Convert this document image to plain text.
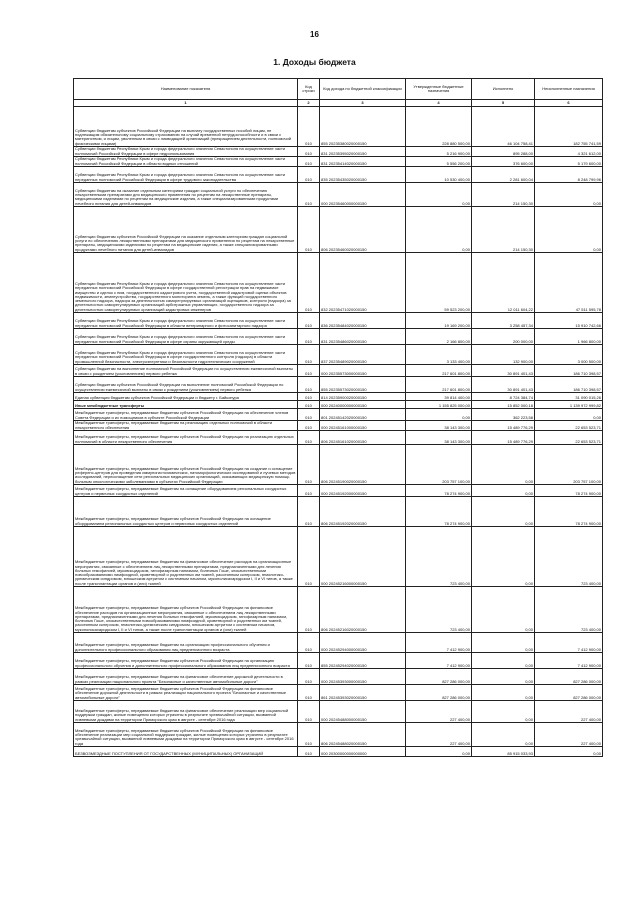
16
1. Доходы бюджета
Наименование показателя	Код строки	Код дохода по бюджетной классификации	Утвержденные бюджетные назначения	Исполнено	Неисполненные назначения
1	2	3	4	5	6
Субвенции бюджетам субъектов Российской Федерации на выплату государственных пособий лицам, не подлежащим обязательному социальному страхованию на случай временной нетрудоспособности и в связи с материнством, и лицам, уволенным в связи с ликвидацией организаций (прекращением деятельности, полномочий физическими лицами)	010	855 20235380020000150	228 880 500,00	46 104 758,41	182 755 741,59
Субвенции бюджетам Республики Крым и города федерального значения Севастополя на осуществление части полномочий Российской Федерации в сфере недропользования	010	831 20235395020000150	5 216 900,00	895 288,00	4 321 612,00
Субвенции бюджетам Республики Крым и города федерального значения Севастополя на осуществление части полномочий Российской Федерации в области водных отношений	010	831 20235414020000150	5 556 200,00	376 600,00	5 179 600,00
Субвенции бюджетам Республики Крым и города федерального значения Севастополя на осуществление части переданных полномочий Российской Федерации в сфере трудового законодательства	010	835 20235435020000150	10 530 400,00	2 281 600,04	8 248 799,96
Субвенции бюджетам на оказание отдельным категориям граждан социальной услуги по обеспечению лекарственными препаратами для медицинского применения по рецептам на лекарственные препараты, медицинскими изделиями по рецептам на медицинские изделия, а также специализированными продуктами лечебного питания для детей-инвалидов	010	000 20235460000000150	0,00	214 150,30	0,00
Субвенции бюджетам субъектов Российской Федерации на оказание отдельным категориям граждан социальной услуги по обеспечению лекарственными препаратами для медицинского применения по рецептам на лекарственные препараты, медицинскими изделиями по рецептам на медицинские изделия, а также специализированными продуктами лечебного питания для детей-инвалидов	010	806 20235460020000150	0,00	214 150,30	0,00
Субвенции бюджетам Республики Крым и города федерального значения Севастополя на осуществление части переданных полномочий Российской Федерации в сфере государственной регистрации прав на недвижимое имущество и сделок с ним, государственного кадастрового учета, государственной кадастровой оценки объектов недвижимости, землеустройства, государственного мониторинга земель, а также функций государственного земельного надзора, надзора за деятельностью саморегулируемых организаций оценщиков, контроля (надзора) за деятельностью саморегулируемых организаций арбитражных управляющих, государственного надзора за деятельностью саморегулируемых организаций кадастровых инженеров	010	832 20235471020000150	59 523 200,00	12 011 604,22	47 511 595,78
Субвенции бюджетам Республики Крым и города федерального значения Севастополя на осуществление части переданных полномочий Российской Федерации в области ветеринарного и фитосанитарного надзора	010	836 20235484020000150	19 169 200,00	3 258 457,34	15 910 742,66
Субвенции бюджетам Республики Крым и города федерального значения Севастополя на осуществление части переданных полномочий Российской Федерации в сфере охраны окружающей среды	010	831 20235486020000150	2 166 800,00	200 000,00	1 966 800,00
Субвенции бюджетам Республики Крым и города федерального значения Севастополя на осуществление части переданных полномочий Российской Федерации в сфере государственного контроля (надзора) в области промышленной безопасности, электроэнергетики и безопасности гидротехнических сооружений	010	837 20235489020000150	3 133 400,00	132 900,00	3 000 500,00
Субвенции бюджетам на выполнение полномочий Российской Федерации по осуществлению ежемесячной выплаты в связи с рождением (усыновлением) первого ребенка	010	000 20235573000000150	217 601 800,00	30 891 401,43	186 710 398,57
Субвенции бюджетам субъектов Российской Федерации на выполнение полномочий Российской Федерации по осуществлению ежемесячной выплаты в связи с рождением (усыновлением) первого ребенка	010	855 20235573020000150	217 601 800,00	30 891 401,43	186 710 398,57
Единая субвенция бюджетам субъектов Российской Федерации и бюджету г. Байконура	010	814 20235900020000150	39 814 400,00	8 724 384,74	31 090 015,26
Иные межбюджетные трансферты	010	000 20240000000000150	1 155 825 000,00	15 852 000,18	1 139 972 999,82
Межбюджетные трансферты, передаваемые бюджетам субъектов Российской Федерации на обеспечение членов Совета Федерации и их помощников в субъекте Российской Федерации	010	801 20245142020000150	0,00	362 223,58	0,00
Межбюджетные трансферты, передаваемые бюджетам на реализацию отдельных полномочий в области лекарственного обеспечения	010	000 20245161000000150	38 143 300,00	15 489 776,29	22 653 523,71
Межбюджетные трансферты, передаваемые бюджетам субъектов Российской Федерации на реализацию отдельных полномочий в области лекарственного обеспечения	010	806 20245161020000150	38 143 300,00	15 489 776,29	22 653 523,71
Межбюджетные трансферты, передаваемые бюджетам субъектов Российской Федерации на создание и оснащение референс-центров для проведения иммуногистохимических, патоморфологических исследований и лучевых методов исследований, переоснащение сети региональных медицинских организаций, оказывающих медицинскую помощь больным онкологическими заболеваниями в субъектах Российской Федерации	010	806 20245190020000150	203 757 100,00	0,00	203 757 100,00
Межбюджетные трансферты, передаваемые бюджетам на оснащение оборудованием региональных сосудистых центров и первичных сосудистых отделений	010	000 20245192000000150	78 274 900,00	0,00	78 274 900,00
Межбюджетные трансферты, передаваемые бюджетам субъектов Российской Федерации на оснащение оборудованием региональных сосудистых центров и первичных сосудистых отделений	010	806 20245192020000150	78 274 900,00	0,00	78 274 900,00
Межбюджетные трансферты, передаваемые бюджетам на финансовое обеспечение расходов на организационные мероприятия, связанные с обеспечением лиц лекарственными препаратами, предназначенными для лечения больных гемофилией, муковисцидозом, гипофизарным нанизмом, болезнью Гоше, злокачественными новообразованиями лимфоидной, кроветворной и родственных им тканей, рассеянным склерозом, гемолитико-уремическим синдромом, юношеским артритом с системным началом, мукополисахаридозом I, II и VI типов, а также после трансплантации органов и (или) тканей	010	000 20245216000000150	723 400,00	0,00	723 400,00
Межбюджетные трансферты, передаваемые бюджетам субъектов Российской Федерации на финансовое обеспечение расходов на организационные мероприятия, связанные с обеспечением лиц лекарственными препаратами, предназначенными для лечения больных гемофилией, муковисцидозом, гипофизарным нанизмом, болезнью Гоше, злокачественными новообразованиями лимфоидной, кроветворной и родственных им тканей, рассеянным склерозом, гемолитико-уремическим синдромом, юношеским артритом с системным началом, мукополисахаридозом I, II и VI типов, а также после трансплантации органов и (или) тканей	010	806 20245216020000150	723 400,00	0,00	723 400,00
Межбюджетные трансферты, передаваемые бюджетам на организацию профессионального обучения и дополнительного профессионального образования лиц предпенсионного возраста	010	000 20245294000000150	7 412 900,00	0,00	7 412 900,00
Межбюджетные трансферты, передаваемые бюджетам субъектов Российской Федерации на организацию профессионального обучения и дополнительного профессионального образования лиц предпенсионного возраста	010	855 20245294020000150	7 412 900,00	0,00	7 412 900,00
Межбюджетные трансферты, передаваемые бюджетам на финансовое обеспечение дорожной деятельности в рамках реализации национального проекта "Безопасные и качественные автомобильные дороги"	010	000 20245393000000150	827 286 000,00	0,00	827 286 000,00
Межбюджетные трансферты, передаваемые бюджетам субъектов Российской Федерации на финансовое обеспечение дорожной деятельности в рамках реализации национального проекта "Безопасные и качественные автомобильные дороги"	010	861 20245393020000150	827 286 000,00	0,00	827 286 000,00
Межбюджетные трансферты, передаваемые бюджетам на финансовое обеспечение реализации мер социальной поддержки граждан, жилые помещения которых утрачены в результате чрезвычайной ситуации, вызванной ливневыми дождями на территории Приморского края в августе - сентябре 2016 года	010	000 20245488000000150	227 400,00	0,00	227 400,00
Межбюджетные трансферты, передаваемые бюджетам субъектов Российской Федерации на финансовое обеспечение реализации мер социальной поддержки граждан, жилые помещения которых утрачены в результате чрезвычайной ситуации, вызванной ливневыми дождями на территории Приморского края в августе - сентябре 2016 года	010	806 20245488020000150	227 400,00	0,00	227 400,00
БЕЗВОЗМЕЗДНЫЕ ПОСТУПЛЕНИЯ ОТ ГОСУДАРСТВЕННЫХ (МУНИЦИПАЛЬНЫХ) ОРГАНИЗАЦИЙ	010	000 20300000000000000	0,00	85 915 033,93	0,00
